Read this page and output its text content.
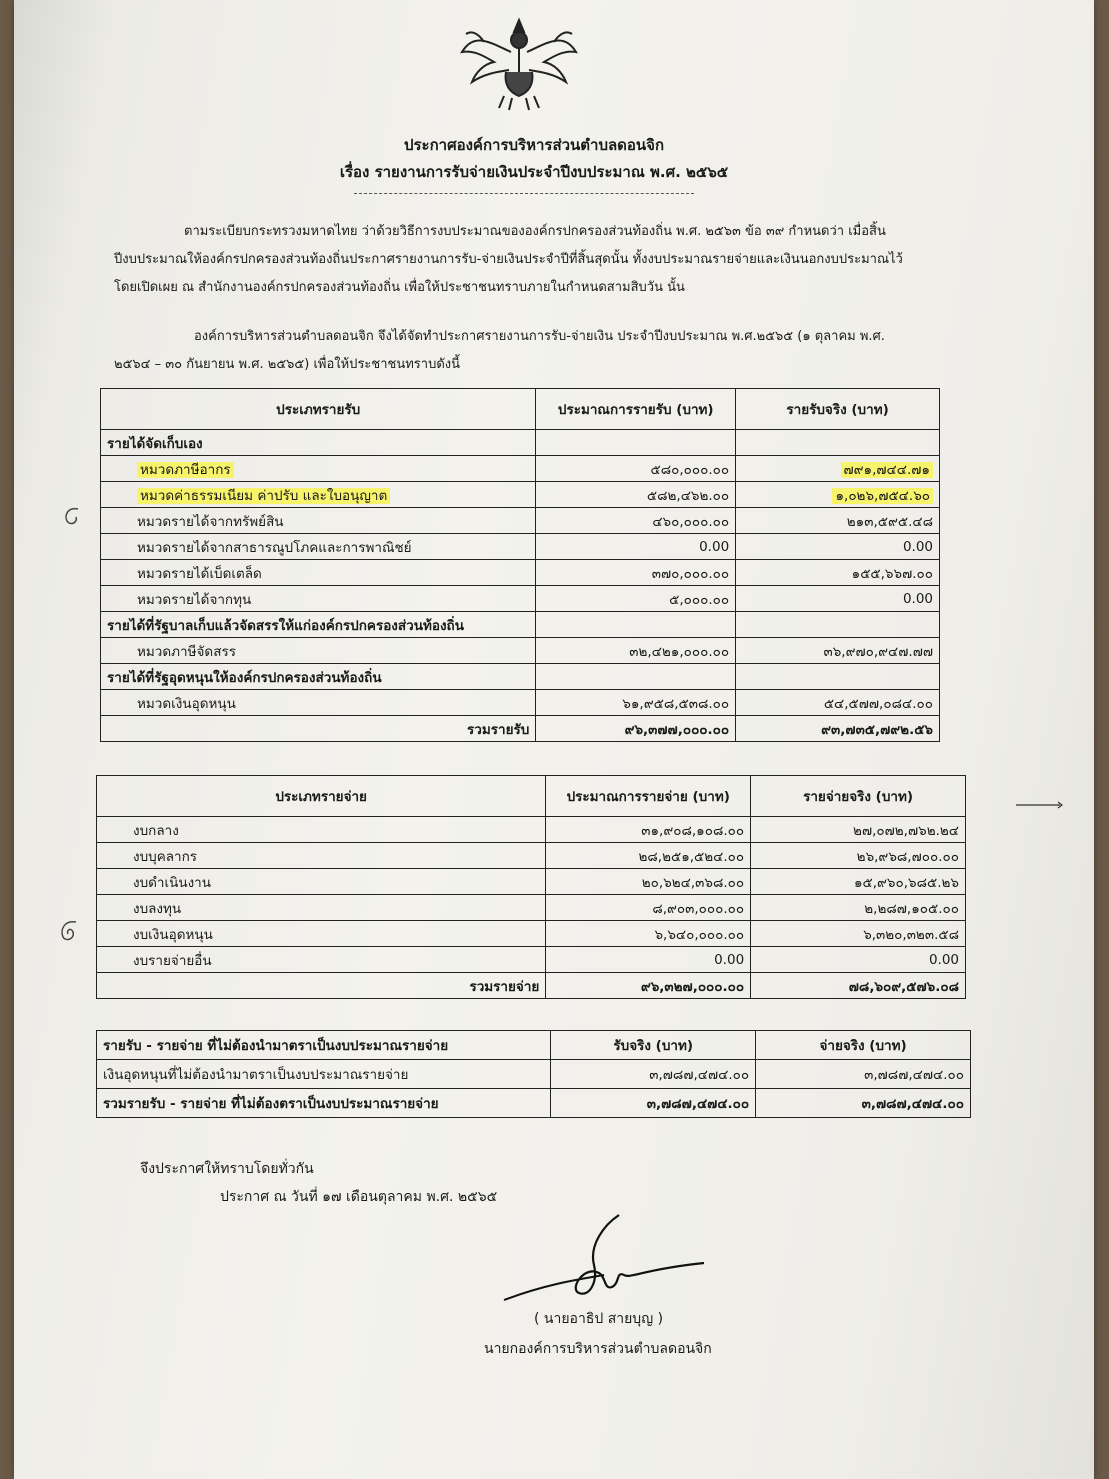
ประกาศองค์การบริหารส่วนตำบลดอนจิก
เรื่อง รายงานการรับจ่ายเงินประจำปีงบประมาณ พ.ศ. ๒๕๖๕
ตามระเบียบกระทรวงมหาดไทย ว่าด้วยวิธีการงบประมาณขององค์กรปกครองส่วนท้องถิ่น พ.ศ. ๒๕๖๓ ข้อ ๓๙ กำหนดว่า เมื่อสิ้นปีงบประมาณให้องค์กรปกครองส่วนท้องถิ่นประกาศรายงานการรับ-จ่ายเงินประจำปีที่สิ้นสุดนั้น ทั้งงบประมาณรายจ่ายและเงินนอกงบประมาณไว้โดยเปิดเผย ณ สำนักงานองค์กรปกครองส่วนท้องถิ่น เพื่อให้ประชาชนทราบภายในกำหนดสามสิบวัน นั้น
องค์การบริหารส่วนตำบลดอนจิก จึงได้จัดทำประกาศรายงานการรับ-จ่ายเงิน ประจำปีงบประมาณ พ.ศ.๒๕๖๕ (๑ ตุลาคม พ.ศ. ๒๕๖๔ – ๓๐ กันยายน พ.ศ. ๒๕๖๕) เพื่อให้ประชาชนทราบดังนี้
ประเภทรายรับ	ประมาณการรายรับ (บาท)	รายรับจริง (บาท)
รายได้จัดเก็บเอง		
หมวดภาษีอากร	๕๘๐,๐๐๐.๐๐	๗๙๑,๗๔๔.๗๑
หมวดค่าธรรมเนียม ค่าปรับ และใบอนุญาต	๕๘๒,๔๖๒.๐๐	๑,๐๒๖,๗๕๔.๖๐
หมวดรายได้จากทรัพย์สิน	๔๖๐,๐๐๐.๐๐	๒๑๓,๕๙๕.๔๘
หมวดรายได้จากสาธารณูปโภคและการพาณิชย์	0.00	0.00
หมวดรายได้เบ็ดเตล็ด	๓๗๐,๐๐๐.๐๐	๑๕๕,๖๖๗.๐๐
หมวดรายได้จากทุน	๕,๐๐๐.๐๐	0.00
รายได้ที่รัฐบาลเก็บแล้วจัดสรรให้แก่องค์กรปกครองส่วนท้องถิ่น		
หมวดภาษีจัดสรร	๓๒,๔๒๑,๐๐๐.๐๐	๓๖,๙๗๐,๙๔๗.๗๗
รายได้ที่รัฐอุดหนุนให้องค์กรปกครองส่วนท้องถิ่น		
หมวดเงินอุดหนุน	๖๑,๙๕๘,๕๓๘.๐๐	๕๔,๕๗๗,๐๘๔.๐๐
รวมรายรับ	๙๖,๓๗๗,๐๐๐.๐๐	๙๓,๗๓๕,๗๙๒.๕๖
ประเภทรายจ่าย	ประมาณการรายจ่าย (บาท)	รายจ่ายจริง (บาท)
งบกลาง	๓๑,๙๐๘,๑๐๘.๐๐	๒๗,๐๗๒,๗๖๒.๒๔
งบบุคลากร	๒๘,๒๕๑,๕๒๔.๐๐	๒๖,๙๖๘,๗๐๐.๐๐
งบดำเนินงาน	๒๐,๖๒๔,๓๖๘.๐๐	๑๕,๙๖๐,๖๘๕.๒๖
งบลงทุน	๘,๙๐๓,๐๐๐.๐๐	๒,๒๘๗,๑๐๕.๐๐
งบเงินอุดหนุน	๖,๖๔๐,๐๐๐.๐๐	๖,๓๒๐,๓๒๓.๕๘
งบรายจ่ายอื่น	0.00	0.00
รวมรายจ่าย	๙๖,๓๒๗,๐๐๐.๐๐	๗๘,๖๐๙,๕๗๖.๐๘
รายรับ - รายจ่าย ที่ไม่ต้องนำมาตราเป็นงบประมาณรายจ่าย	รับจริง (บาท)	จ่ายจริง (บาท)
เงินอุดหนุนที่ไม่ต้องนำมาตราเป็นงบประมาณรายจ่าย	๓,๗๘๗,๔๗๔.๐๐	๓,๗๘๗,๔๗๔.๐๐
รวมรายรับ - รายจ่าย ที่ไม่ต้องตราเป็นงบประมาณรายจ่าย	๓,๗๘๗,๔๗๔.๐๐	๓,๗๘๗,๔๗๔.๐๐
จึงประกาศให้ทราบโดยทั่วกัน
ประกาศ ณ วันที่ ๑๗ เดือนตุลาคม พ.ศ. ๒๕๖๕
( นายอาธิป สายบุญ )
นายกองค์การบริหารส่วนตำบลดอนจิก
